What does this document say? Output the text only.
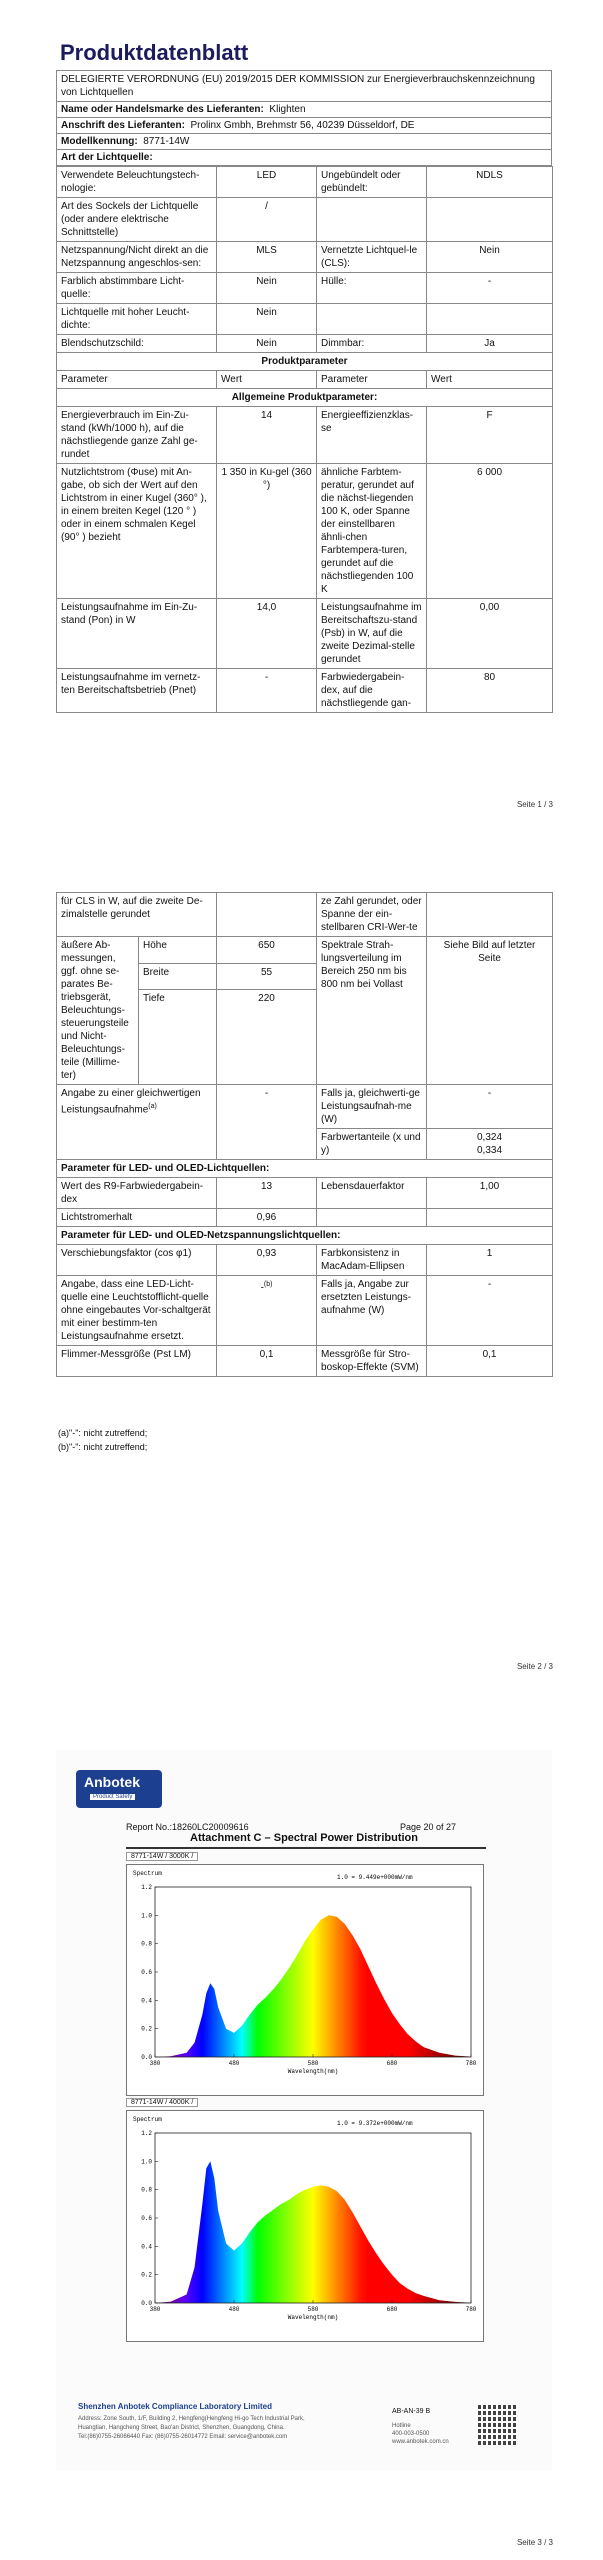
Produktdatenblatt
DELEGIERTE VERORDNUNG (EU) 2019/2015 DER KOMMISSION zur Energieverbrauchskennzeichnung von Lichtquellen
Name oder Handelsmarke des Lieferanten: Klighten
Anschrift des Lieferanten: Prolinx Gmbh, Brehmstr 56, 40239 Düsseldorf, DE
Modellkennung: 8771-14W
Art der Lichtquelle:
Verwendete Beleuchtungstech-nologie:	LED	Ungebündelt oder gebündelt:	NDLS
Art des Sockels der Lichtquelle (oder andere elektrische Schnittstelle)	/		
Netzspannung/Nicht direkt an die Netzspannung angeschlos-sen:	MLS	Vernetzte Lichtquel-le (CLS):	Nein
Farblich abstimmbare Licht-quelle:	Nein	Hülle:	-
Lichtquelle mit hoher Leucht-dichte:	Nein		
Blendschutzschild:	Nein	Dimmbar:	Ja
Produktparameter			
Parameter	Wert	Parameter	Wert
Allgemeine Produktparameter:			
Energieverbrauch im Ein-Zu-stand (kWh/1000 h), auf die nächstliegende ganze Zahl ge-rundet	14	Energieeffizienzklas-se	F
Nutzlichtstrom (Φuse) mit An-gabe, ob sich der Wert auf den Lichtstrom in einer Kugel (360° ), in einem breiten Kegel (120 ° ) oder in einem schmalen Kegel (90° ) bezieht	1 350 in Ku-gel (360 °)	ähnliche Farbtem-peratur, gerundet auf die nächst-liegenden 100 K, oder Spanne der einstellbaren ähnli-chen Farbtempera-turen, gerundet auf die nächstliegenden 100 K	6 000
Leistungsaufnahme im Ein-Zu-stand (Pon) in W	14,0	Leistungsaufnahme im Bereitschaftszu-stand (Psb) in W, auf die zweite Dezimal-stelle gerundet	0,00
Leistungsaufnahme im vernetz-ten Bereitschaftsbetrieb (Pnet)	-	Farbwiedergabein-dex, auf die nächstliegende gan-	80
Seite 1 / 3
für CLS in W, auf die zweite De-zimalstelle gerundet			ze Zahl gerundet, oder Spanne der ein-stellbaren CRI-Wer-te	
äußere Ab-messungen, ggf. ohne se-parates Be-triebsgerät, Beleuchtungs-steuerungsteile und Nicht-Beleuchtungs-teile (Millime-ter)	Höhe	650	Spektrale Strah-lungsverteilung im Bereich 250 nm bis 800 nm bei Vollast	Siehe Bild auf letzter Seite
	Breite	55		
	Tiefe	220		
Angabe zu einer gleichwertigen Leistungsaufnahme$^{(a)}$		-	Falls ja, gleichwerti-ge Leistungsaufnah-me (W)	-
			Farbwertanteile (x und y)	0,324
0,334

Parameter für LED- und OLED-Lichtquellen:				
Wert des R9-Farbwiedergabein-dex		13	Lebensdauerfaktor	1,00
Lichtstromerhalt		0,96		
Parameter für LED- und OLED-Netzspannungslichtquellen:				
Verschiebungsfaktor (cos φ1)		0,93	Farbkonsistenz in MacAdam-Ellipsen	1
Angabe, dass eine LED-Licht-quelle eine Leuchtstofflicht-quelle ohne eingebautes Vor-schaltgerät mit einer bestimm-ten Leistungsaufnahme ersetzt.		-$^{(b)}$	Falls ja, Angabe zur ersetzten Leistungs-aufnahme (W)	-
Flimmer-Messgröße (Pst LM)		0,1	Messgröße für Stro-boskop-Effekte (SVM)	0,1
(a)"-": nicht zutreffend;
(b)"-": nicht zutreffend;
Seite 2 / 3
Anbotek
Product Safety
Report No.:18260LC20009616	Page 20 of 27
Attachment C – Spectral Power Distribution
8771-14W / 3000K /
Spectrum
1.0 = 9.449e+000mW/nm
0.0
0.2
0.4
0.6
0.8
1.0
1.2
380	480	580	680	780
Wavelength(nm)
8771-14W / 4000K /
Spectrum
1.0 = 9.372e+000mW/nm
0.0
0.2
0.4
0.6
0.8
1.0
1.2
380	480	580	680	780
Wavelength(nm)
Shenzhen Anbotek Compliance Laboratory Limited
Address: Zone South, 1/F, Building 2, Hengfeng(Hengfeng Hi-go Tech Industrial Park,
Huangtian, Hangcheng Street, Bao'an District, Shenzhen, Guangdong, China.
Tel:(86)0755-26066440 Fax: (86)0755-26014772 Email: service@anbotek.com
AB-AN-39 B
Hotline
400-003-0500
www.anbotek.com.cn
Seite 3 / 3
